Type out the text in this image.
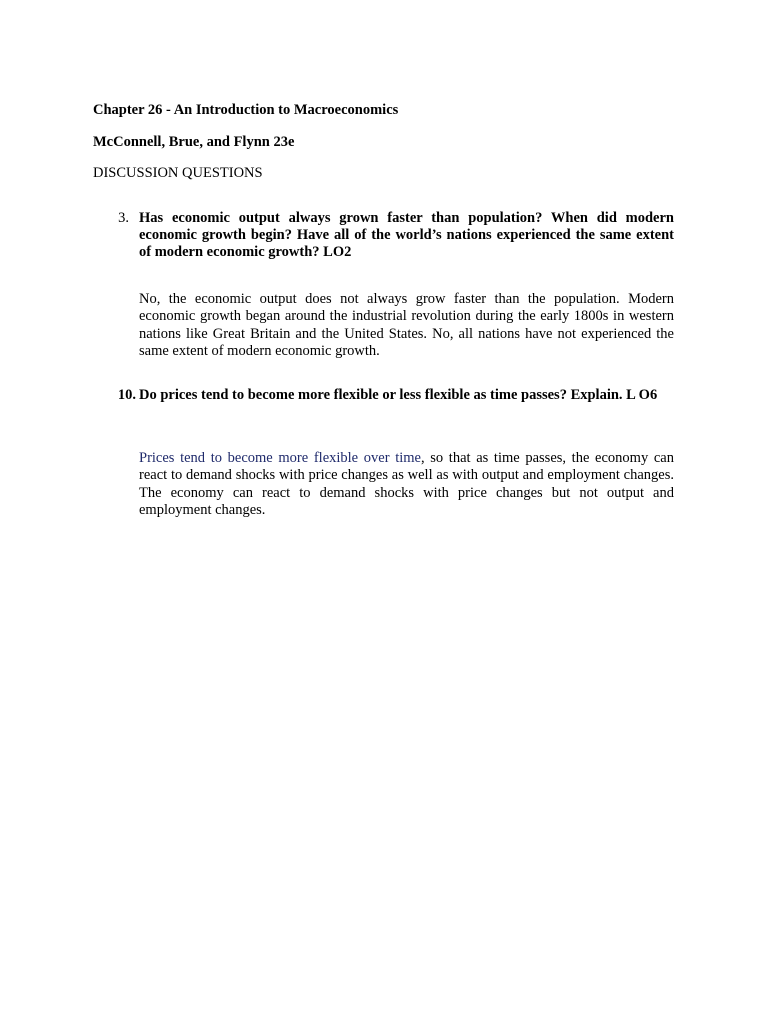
Chapter 26 - An Introduction to Macroeconomics
McConnell, Brue, and Flynn 23e
DISCUSSION QUESTIONS
3. Has economic output always grown faster than population? When did modern economic growth begin? Have all of the world’s nations experienced the same extent of modern economic growth? LO2
No, the economic output does not always grow faster than the population. Modern economic growth began around the industrial revolution during the early 1800s in western nations like Great Britain and the United States. No, all nations have not experienced the same extent of modern economic growth.
10. Do prices tend to become more flexible or less flexible as time passes? Explain. L O6
Prices tend to become more flexible over time, so that as time passes, the economy can react to demand shocks with price changes as well as with output and employment changes. The economy can react to demand shocks with price changes but not output and employment changes.
